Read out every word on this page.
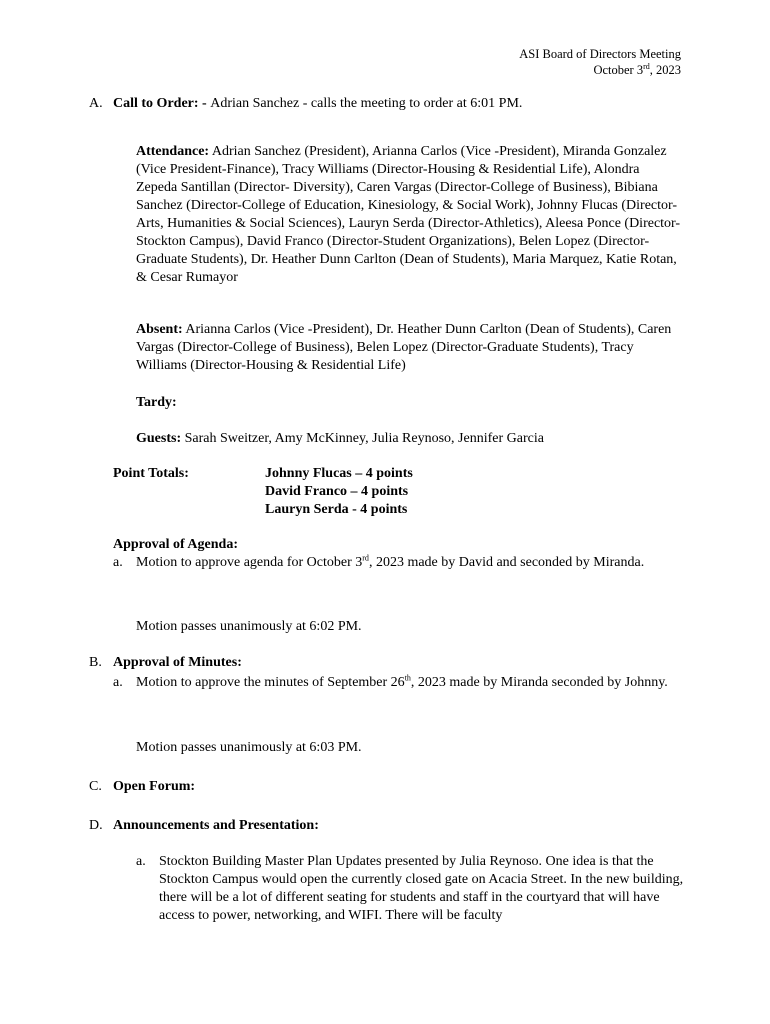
ASI Board of Directors Meeting
October 3rd, 2023
A. Call to Order: - Adrian Sanchez - calls the meeting to order at 6:01 PM.
Attendance: Adrian Sanchez (President), Arianna Carlos (Vice -President), Miranda Gonzalez (Vice President-Finance), Tracy Williams (Director-Housing & Residential Life), Alondra Zepeda Santillan (Director- Diversity), Caren Vargas (Director-College of Business), Bibiana Sanchez (Director-College of Education, Kinesiology, & Social Work), Johnny Flucas (Director-Arts, Humanities & Social Sciences), Lauryn Serda (Director-Athletics), Aleesa Ponce (Director-Stockton Campus), David Franco (Director-Student Organizations), Belen Lopez (Director-Graduate Students), Dr. Heather Dunn Carlton (Dean of Students), Maria Marquez, Katie Rotan, & Cesar Rumayor
Absent: Arianna Carlos (Vice -President), Dr. Heather Dunn Carlton (Dean of Students), Caren Vargas (Director-College of Business), Belen Lopez (Director-Graduate Students), Tracy Williams (Director-Housing & Residential Life)
Tardy:
Guests: Sarah Sweitzer, Amy McKinney, Julia Reynoso, Jennifer Garcia
Point Totals:	Johnny Flucas – 4 points
David Franco – 4 points
Lauryn Serda - 4 points
Approval of Agenda:
a. Motion to approve agenda for October 3rd, 2023 made by David and seconded by Miranda.
Motion passes unanimously at 6:02 PM.
B. Approval of Minutes:
a. Motion to approve the minutes of September 26th, 2023 made by Miranda seconded by Johnny.
Motion passes unanimously at 6:03 PM.
C. Open Forum:
D. Announcements and Presentation:
a. Stockton Building Master Plan Updates presented by Julia Reynoso. One idea is that the Stockton Campus would open the currently closed gate on Acacia Street. In the new building, there will be a lot of different seating for students and staff in the courtyard that will have access to power, networking, and WIFI. There will be faculty
